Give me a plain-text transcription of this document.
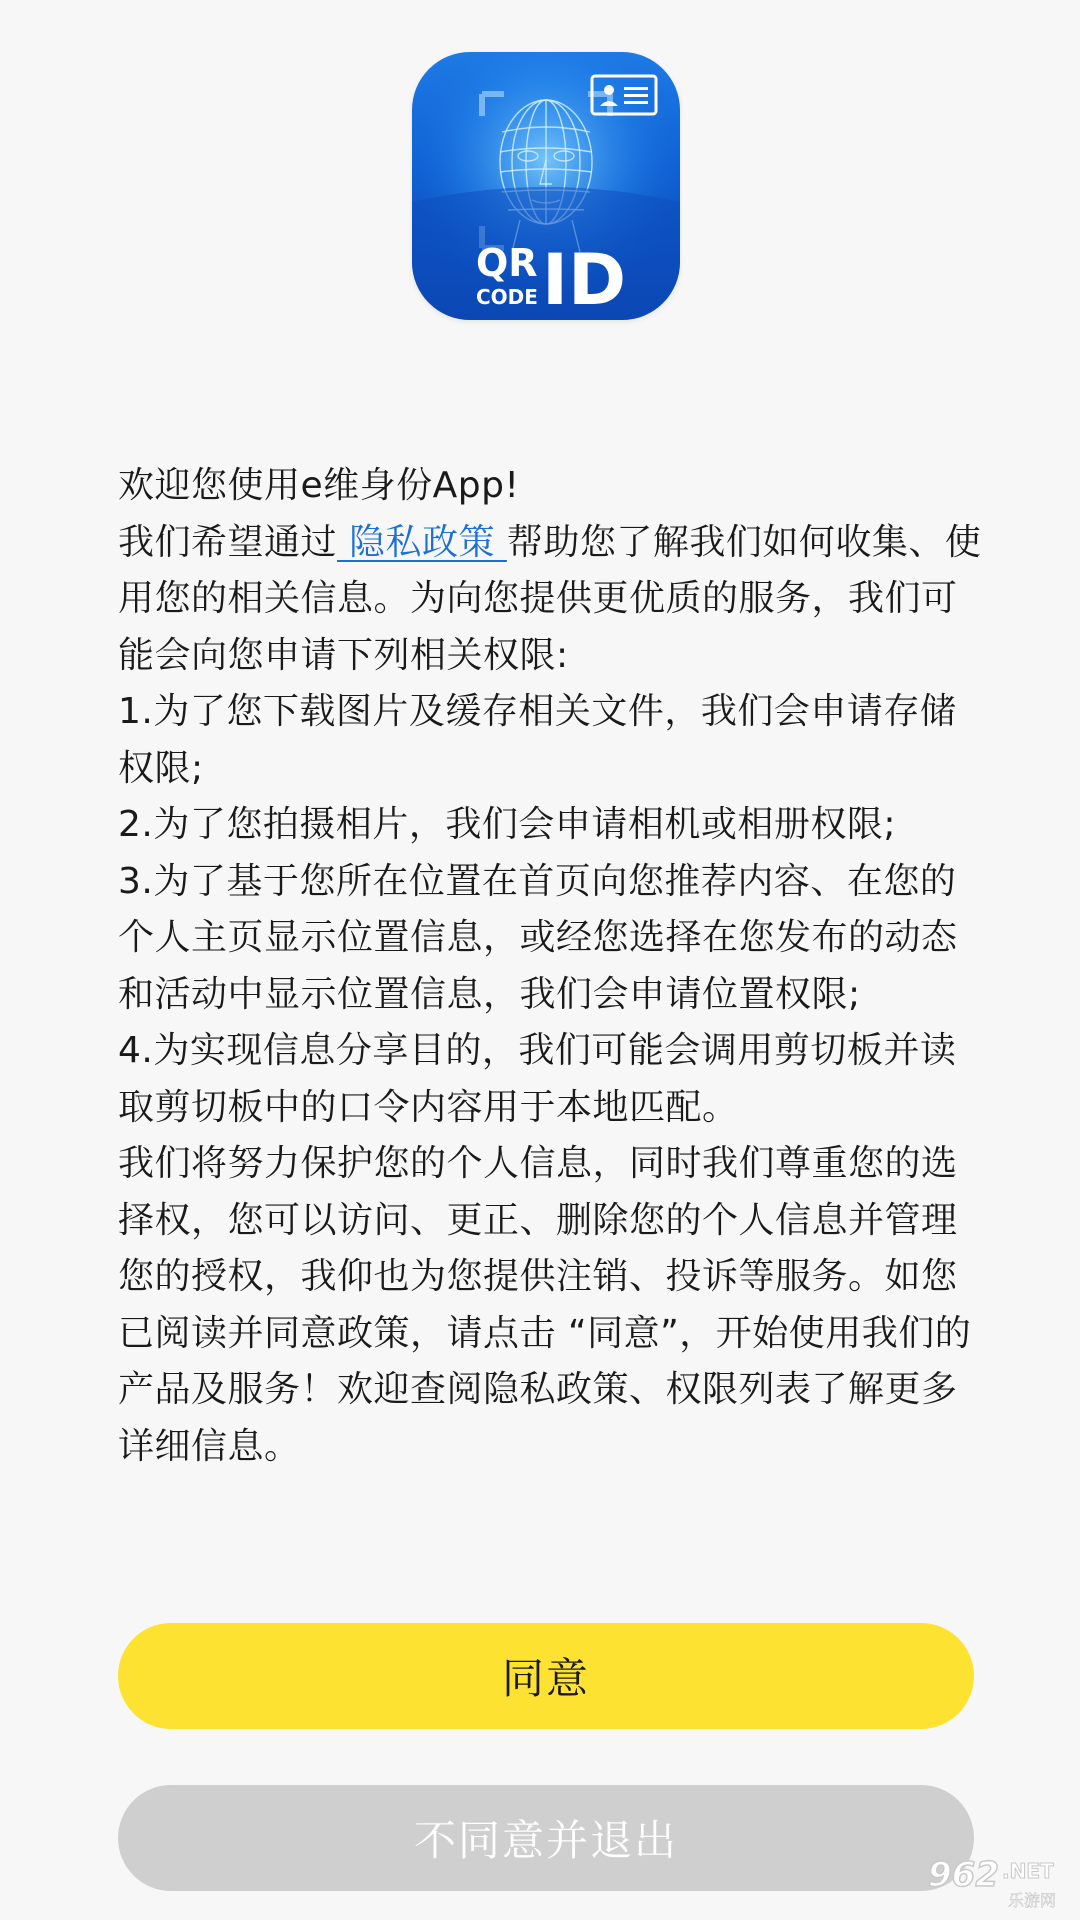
QR
CODE ID

欢迎您使用e维身份App!

我们希望通过 隐私政策 帮助您了解我们如何收集、使用您的相关信息。为向您提供更优质的服务，我们可能会向您申请下列相关权限:

1.为了您下载图片及缓存相关文件，我们会申请存储权限;

2.为了您拍摄相片，我们会申请相机或相册权限;

3.为了基于您所在位置在首页向您推荐内容、在您的个人主页显示位置信息，或经您选择在您发布的动态和活动中显示位置信息，我们会申请位置权限;

4.为实现信息分享目的，我们可能会调用剪切板并读取剪切板中的口令内容用于本地匹配。

我们将努力保护您的个人信息，同时我们尊重您的选择权，您可以访问、更正、删除您的个人信息并管理您的授权，我仰也为您提供注销、投诉等服务。如您已阅读并同意政策，请点击 “同意”，开始使用我们的产品及服务！欢迎查阅隐私政策、权限列表了解更多详细信息。

同意
不同意并退出
962 .NET
乐游网
